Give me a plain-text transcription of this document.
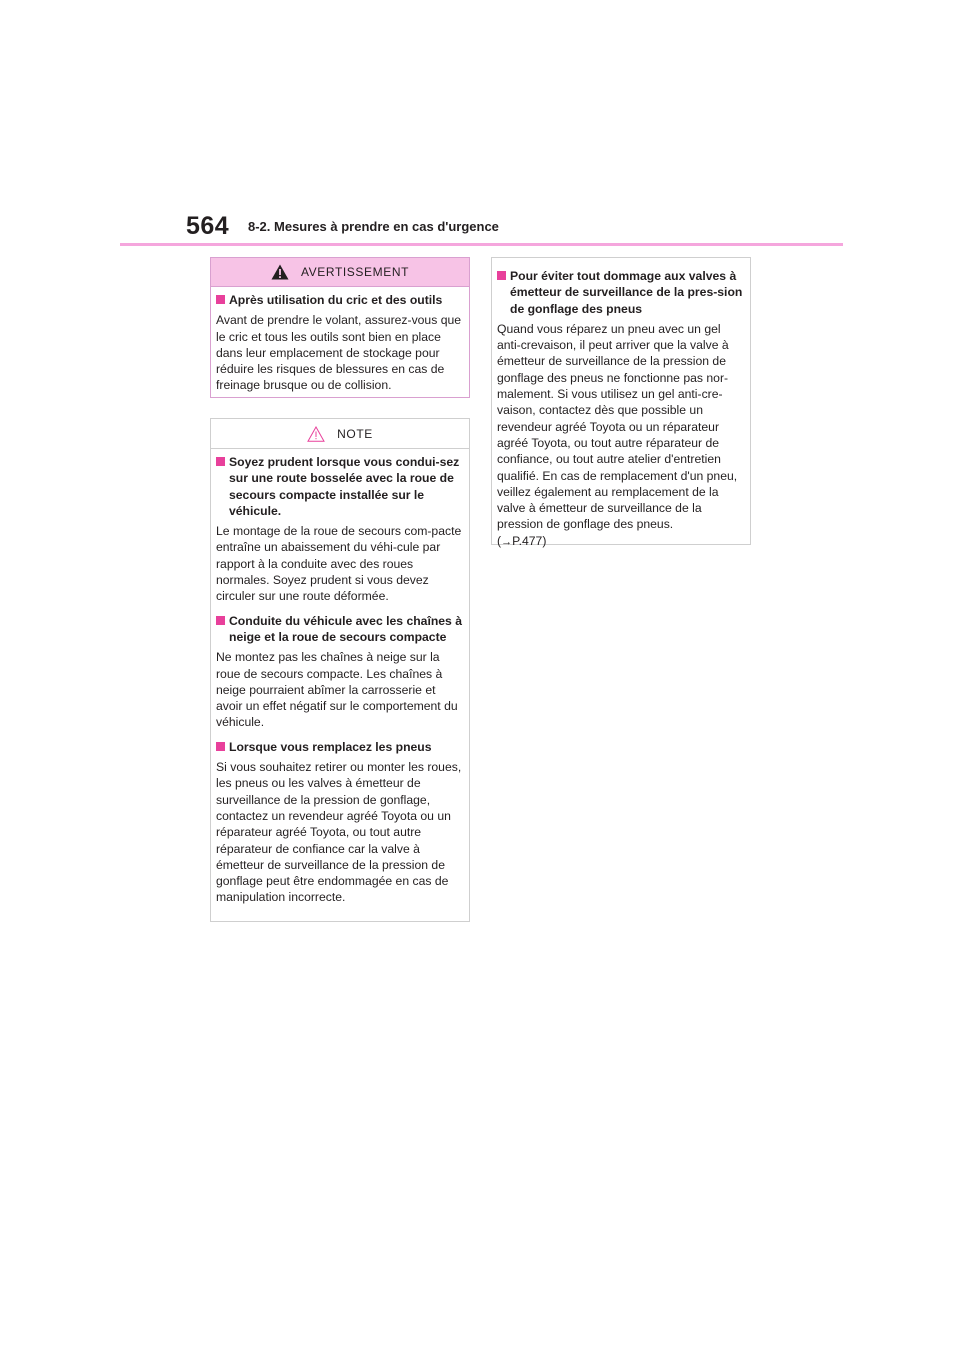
564 8-2. Mesures à prendre en cas d'urgence
AVERTISSEMENT
Après utilisation du cric et des outils
Avant de prendre le volant, assurez-vous que le cric et tous les outils sont bien en place dans leur emplacement de stockage pour réduire les risques de blessures en cas de freinage brusque ou de collision.
NOTE
Soyez prudent lorsque vous condui-sez sur une route bosselée avec la roue de secours compacte installée sur le véhicule.
Le montage de la roue de secours com-pacte entraîne un abaissement du véhi-cule par rapport à la conduite avec des roues normales. Soyez prudent si vous devez circuler sur une route déformée.
Conduite du véhicule avec les chaînes à neige et la roue de secours compacte
Ne montez pas les chaînes à neige sur la roue de secours compacte. Les chaînes à neige pourraient abîmer la carrosserie et avoir un effet négatif sur le comportement du véhicule.
Lorsque vous remplacez les pneus
Si vous souhaitez retirer ou monter les roues, les pneus ou les valves à émetteur de surveillance de la pression de gonflage, contactez un revendeur agréé Toyota ou un réparateur agréé Toyota, ou tout autre réparateur de confiance car la valve à émetteur de surveillance de la pression de gonflage peut être endommagée en cas de manipulation incorrecte.
Pour éviter tout dommage aux valves à émetteur de surveillance de la pres-sion de gonflage des pneus
Quand vous réparez un pneu avec un gel anti-crevaison, il peut arriver que la valve à émetteur de surveillance de la pression de gonflage des pneus ne fonctionne pas nor-malement. Si vous utilisez un gel anti-cre-vaison, contactez dès que possible un revendeur agréé Toyota ou un réparateur agréé Toyota, ou tout autre réparateur de confiance, ou tout autre atelier d'entretien qualifié. En cas de remplacement d'un pneu, veillez également au remplacement de la valve à émetteur de surveillance de la pression de gonflage des pneus.
(→P.477)
